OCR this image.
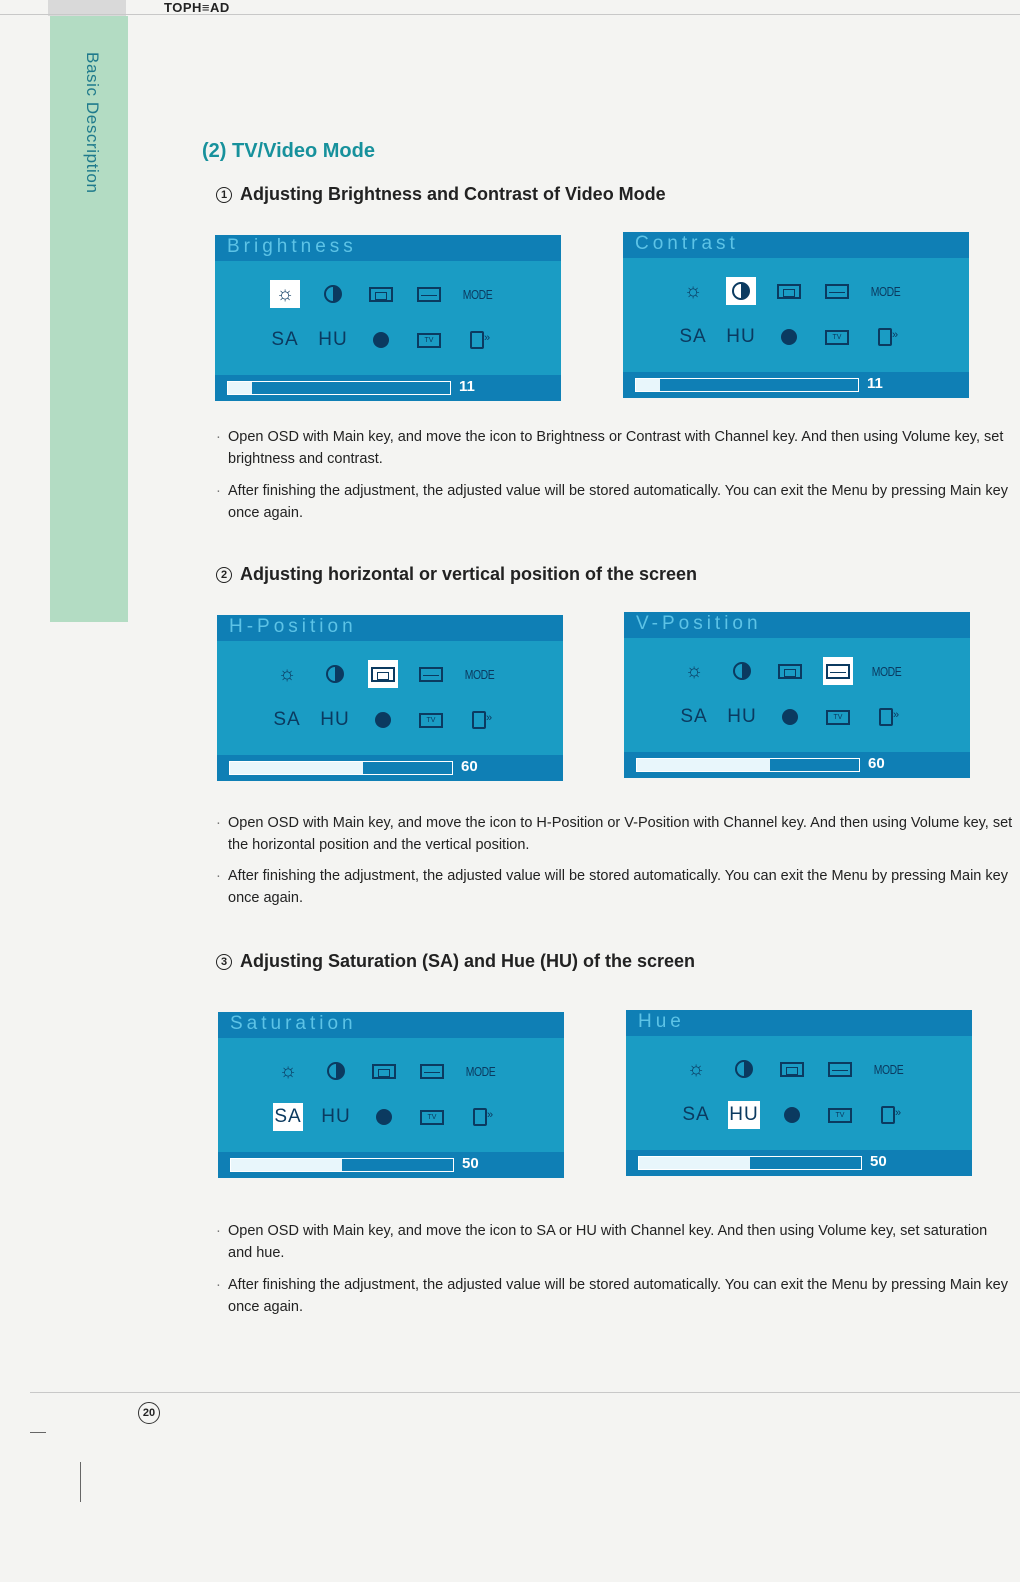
TOPH≡AD
Basic Description	(2) TV/Video Mode
1 Adjusting Brightness and Contrast of Video Mode
Brightness
☼	MODE
SA HU	TV
»
11
Contrast
☼	MODE
SA HU	TV
»
11
· Open OSD with Main key, and move the icon to Brightness or Contrast with Channel key. And then using Volume key, set brightness and contrast.
· After finishing the adjustment, the adjusted value will be stored automatically. You can exit the Menu by pressing Main key once again.
2 Adjusting horizontal or vertical position of the screen
H-Position
☼	MODE
SA HU	TV
»
60
V-Position
☼	MODE
SA HU	TV
»
60
· Open OSD with Main key, and move the icon to H-Position or V-Position with Channel key. And then using Volume key, set the horizontal position and the vertical position.
· After finishing the adjustment, the adjusted value will be stored automatically. You can exit the Menu by pressing Main key once again.
3 Adjusting Saturation (SA) and Hue (HU) of the screen
Saturation
☼	MODE
SA HU	TV
»
50
Hue
☼	MODE
SA HU	TV
»
50
· Open OSD with Main key, and move the icon to SA or HU with Channel key. And then using Volume key, set saturation and hue.
· After finishing the adjustment, the adjusted value will be stored automatically. You can exit the Menu by pressing Main key once again.
20
